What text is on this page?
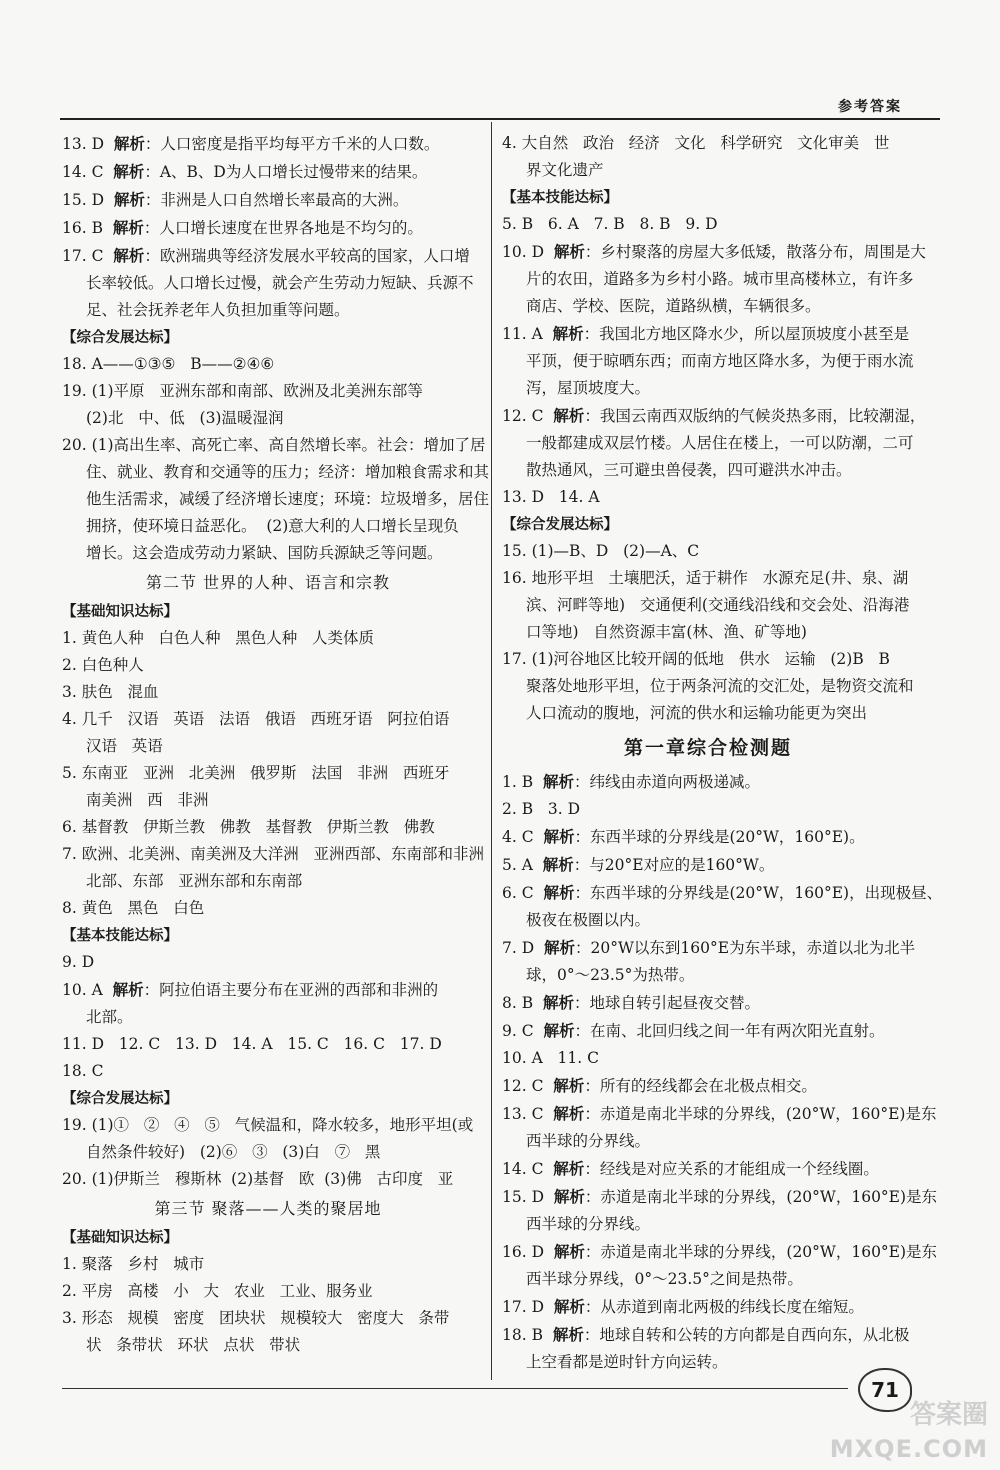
参考答案
13. D 解析：人口密度是指平均每平方千米的人口数。
14. C 解析：A、B、D为人口增长过慢带来的结果。
15. D 解析：非洲是人口自然增长率最高的大洲。
16. B 解析：人口增长速度在世界各地是不均匀的。
17. C 解析：欧洲瑞典等经济发展水平较高的国家，人口增
长率较低。人口增长过慢，就会产生劳动力短缺、兵源不
足、社会抚养老年人负担加重等问题。
【综合发展达标】
18. A——①③⑤   B——②④⑥
19. (1)平原   亚洲东部和南部、欧洲及北美洲东部等
(2)北   中、低   (3)温暖湿润
20. (1)高出生率、高死亡率、高自然增长率。社会：增加了居
住、就业、教育和交通等的压力；经济：增加粮食需求和其
他生活需求，减缓了经济增长速度；环境：垃圾增多，居住
拥挤，使环境日益恶化。  (2)意大利的人口增长呈现负
增长。这会造成劳动力紧缺、国防兵源缺乏等问题。
第二节 世界的人种、语言和宗教
【基础知识达标】
1. 黄色人种   白色人种   黑色人种   人类体质
2. 白色种人
3. 肤色   混血
4. 几千   汉语   英语   法语   俄语   西班牙语   阿拉伯语
汉语   英语
5. 东南亚   亚洲   北美洲   俄罗斯   法国   非洲   西班牙
南美洲   西   非洲
6. 基督教   伊斯兰教   佛教   基督教   伊斯兰教   佛教
7. 欧洲、北美洲、南美洲及大洋洲   亚洲西部、东南部和非洲
北部、东部   亚洲东部和东南部
8. 黄色   黑色   白色
【基本技能达标】
9. D
10. A 解析：阿拉伯语主要分布在亚洲的西部和非洲的
北部。
11. D   12. C   13. D   14. A   15. C   16. C   17. D
18. C
【综合发展达标】
19. (1)①   ②   ④   ⑤   气候温和，降水较多，地形平坦(或
自然条件较好)   (2)⑥   ③   (3)白   ⑦   黑
20. (1)伊斯兰   穆斯林  (2)基督   欧  (3)佛   古印度   亚
第三节 聚落——人类的聚居地
【基础知识达标】
1. 聚落   乡村   城市
2. 平房   高楼   小   大   农业   工业、服务业
3. 形态   规模   密度   团块状   规模较大   密度大   条带
状   条带状   环状   点状   带状
4. 大自然   政治   经济   文化   科学研究   文化审美   世
界文化遗产
【基本技能达标】
5. B   6. A   7. B   8. B   9. D
10. D 解析：乡村聚落的房屋大多低矮，散落分布，周围是大
片的农田，道路多为乡村小路。城市里高楼林立，有许多
商店、学校、医院，道路纵横，车辆很多。
11. A 解析：我国北方地区降水少，所以屋顶坡度小甚至是
平顶，便于晾晒东西；而南方地区降水多，为便于雨水流
泻，屋顶坡度大。
12. C 解析：我国云南西双版纳的气候炎热多雨，比较潮湿，
一般都建成双层竹楼。人居住在楼上，一可以防潮，二可
散热通风，三可避虫兽侵袭，四可避洪水冲击。
13. D   14. A
【综合发展达标】
15. (1)—B、D   (2)—A、C
16. 地形平坦   土壤肥沃，适于耕作   水源充足(井、泉、湖
滨、河畔等地)   交通便利(交通线沿线和交会处、沿海港
口等地)   自然资源丰富(林、渔、矿等地)
17. (1)河谷地区比较开阔的低地   供水   运输   (2)B   B
聚落处地形平坦，位于两条河流的交汇处，是物资交流和
人口流动的腹地，河流的供水和运输功能更为突出
第一章综合检测题
1. B 解析：纬线由赤道向两极递减。
2. B   3. D
4. C 解析：东西半球的分界线是(20°W，160°E)。
5. A 解析：与20°E对应的是160°W。
6. C 解析：东西半球的分界线是(20°W，160°E)，出现极昼、
极夜在极圈以内。
7. D 解析：20°W以东到160°E为东半球，赤道以北为北半
球，0°～23.5°为热带。
8. B 解析：地球自转引起昼夜交替。
9. C 解析：在南、北回归线之间一年有两次阳光直射。
10. A   11. C
12. C 解析：所有的经线都会在北极点相交。
13. C 解析：赤道是南北半球的分界线，(20°W，160°E)是东
西半球的分界线。
14. C 解析：经线是对应关系的才能组成一个经线圈。
15. D 解析：赤道是南北半球的分界线，(20°W，160°E)是东
西半球的分界线。
16. D 解析：赤道是南北半球的分界线，(20°W，160°E)是东
西半球分界线，0°～23.5°之间是热带。
17. D 解析：从赤道到南北两极的纬线长度在缩短。
18. B 解析：地球自转和公转的方向都是自西向东，从北极
上空看都是逆时针方向运转。
71
答案圈
MXQE.COM
